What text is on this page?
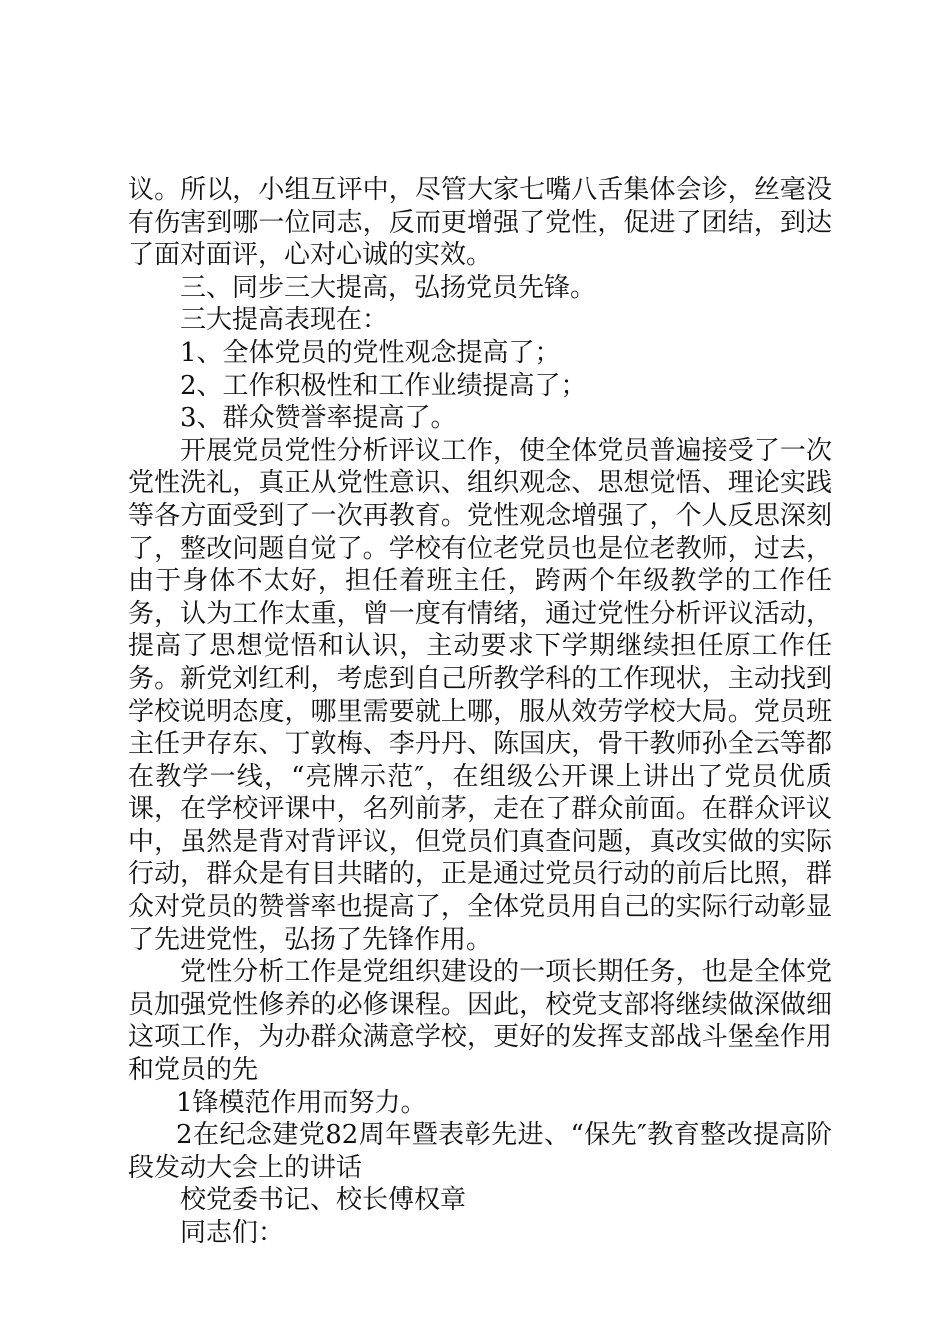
议。所以，小组互评中，尽管大家七嘴八舌集体会诊，丝毫没有伤害到哪一位同志，反而更增强了党性，促进了团结，到达了面对面评，心对心诚的实效。

三、同步三大提高，弘扬党员先锋。

三大提高表现在：

1、全体党员的党性观念提高了；

2、工作积极性和工作业绩提高了；

3、群众赞誉率提高了。

开展党员党性分析评议工作，使全体党员普遍接受了一次党性洗礼，真正从党性意识、组织观念、思想觉悟、理论实践等各方面受到了一次再教育。党性观念增强了，个人反思深刻了，整改问题自觉了。学校有位老党员也是位老教师，过去，由于身体不太好，担任着班主任，跨两个年级教学的工作任务，认为工作太重，曾一度有情绪，通过党性分析评议活动，提高了思想觉悟和认识，主动要求下学期继续担任原工作任务。新党刘红利，考虑到自己所教学科的工作现状，主动找到学校说明态度，哪里需要就上哪，服从效劳学校大局。党员班主任尹存东、丁敦梅、李丹丹、陈国庆，骨干教师孙全云等都在教学一线，“亮牌示范″，在组级公开课上讲出了党员优质课，在学校评课中，名列前茅，走在了群众前面。在群众评议中，虽然是背对背评议，但党员们真查问题，真改实做的实际行动，群众是有目共睹的，正是通过党员行动的前后比照，群众对党员的赞誉率也提高了，全体党员用自己的实际行动彰显了先进党性，弘扬了先锋作用。

党性分析工作是党组织建设的一项长期任务，也是全体党员加强党性修养的必修课程。因此，校党支部将继续做深做细这项工作，为办群众满意学校，更好的发挥支部战斗堡垒作用和党员的先

1锋模范作用而努力。

2在纪念建党82周年暨表彰先进、“保先″教育整改提高阶段发动大会上的讲话

校党委书记、校长傅权章

同志们：
